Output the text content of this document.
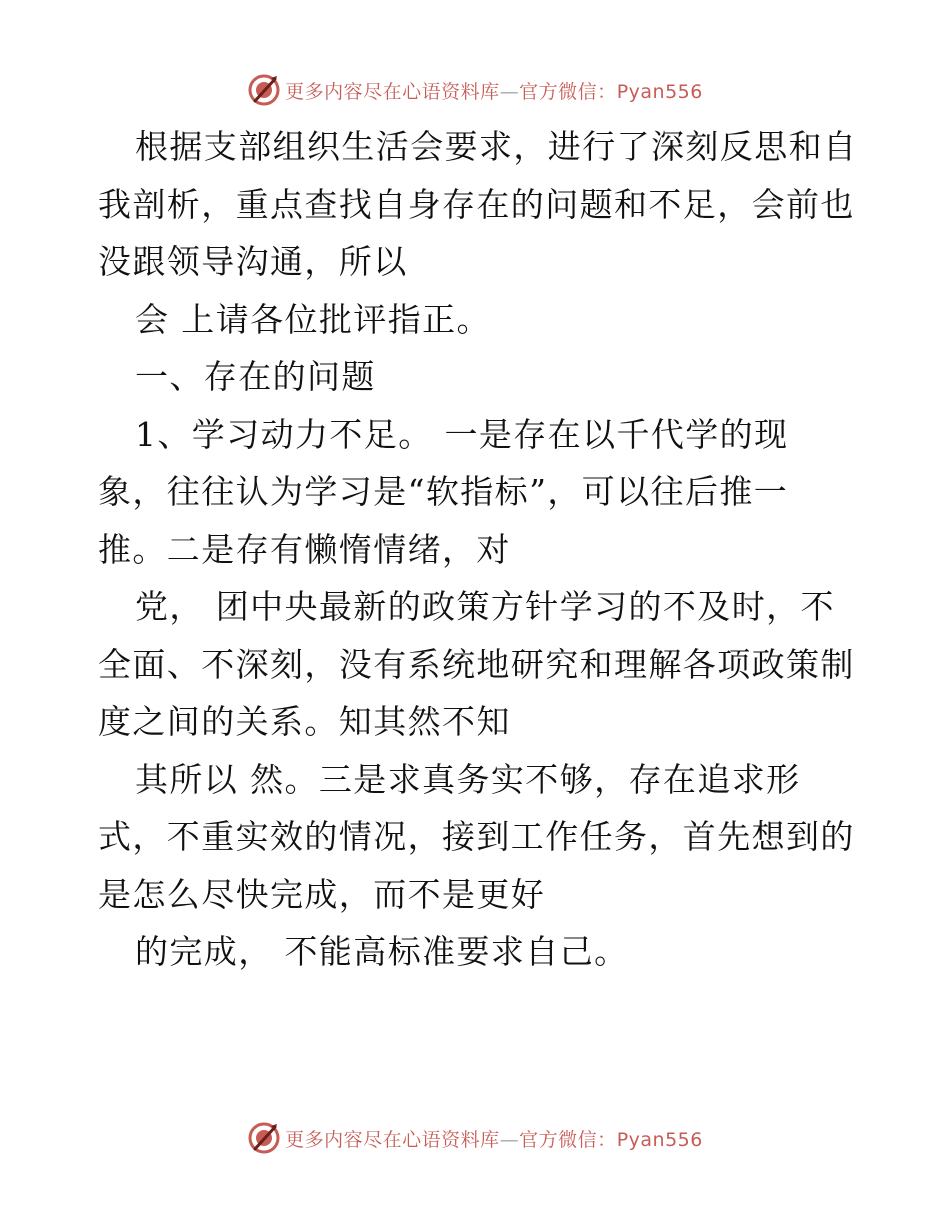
更多内容尽在心语资料库—官方微信：Pyan556
根据支部组织生活会要求，进行了深刻反思和自
我剖析，重点查找自身存在的问题和不足，会前也
没跟领导沟通，所以
会 上请各位批评指正。
一、存在的问题
1、学习动力不足。 一是存在以千代学的现
象，往往认为学习是“软指标”，可以往后推一
推。二是存有懒惰情绪，对
党， 团中央最新的政策方针学习的不及时，不
全面、不深刻，没有系统地研究和理解各项政策制
度之间的关系。知其然不知
其所以 然。三是求真务实不够，存在追求形
式，不重实效的情况，接到工作任务，首先想到的
是怎么尽快完成，而不是更好
的完成， 不能高标准要求自己。
更多内容尽在心语资料库—官方微信：Pyan556
